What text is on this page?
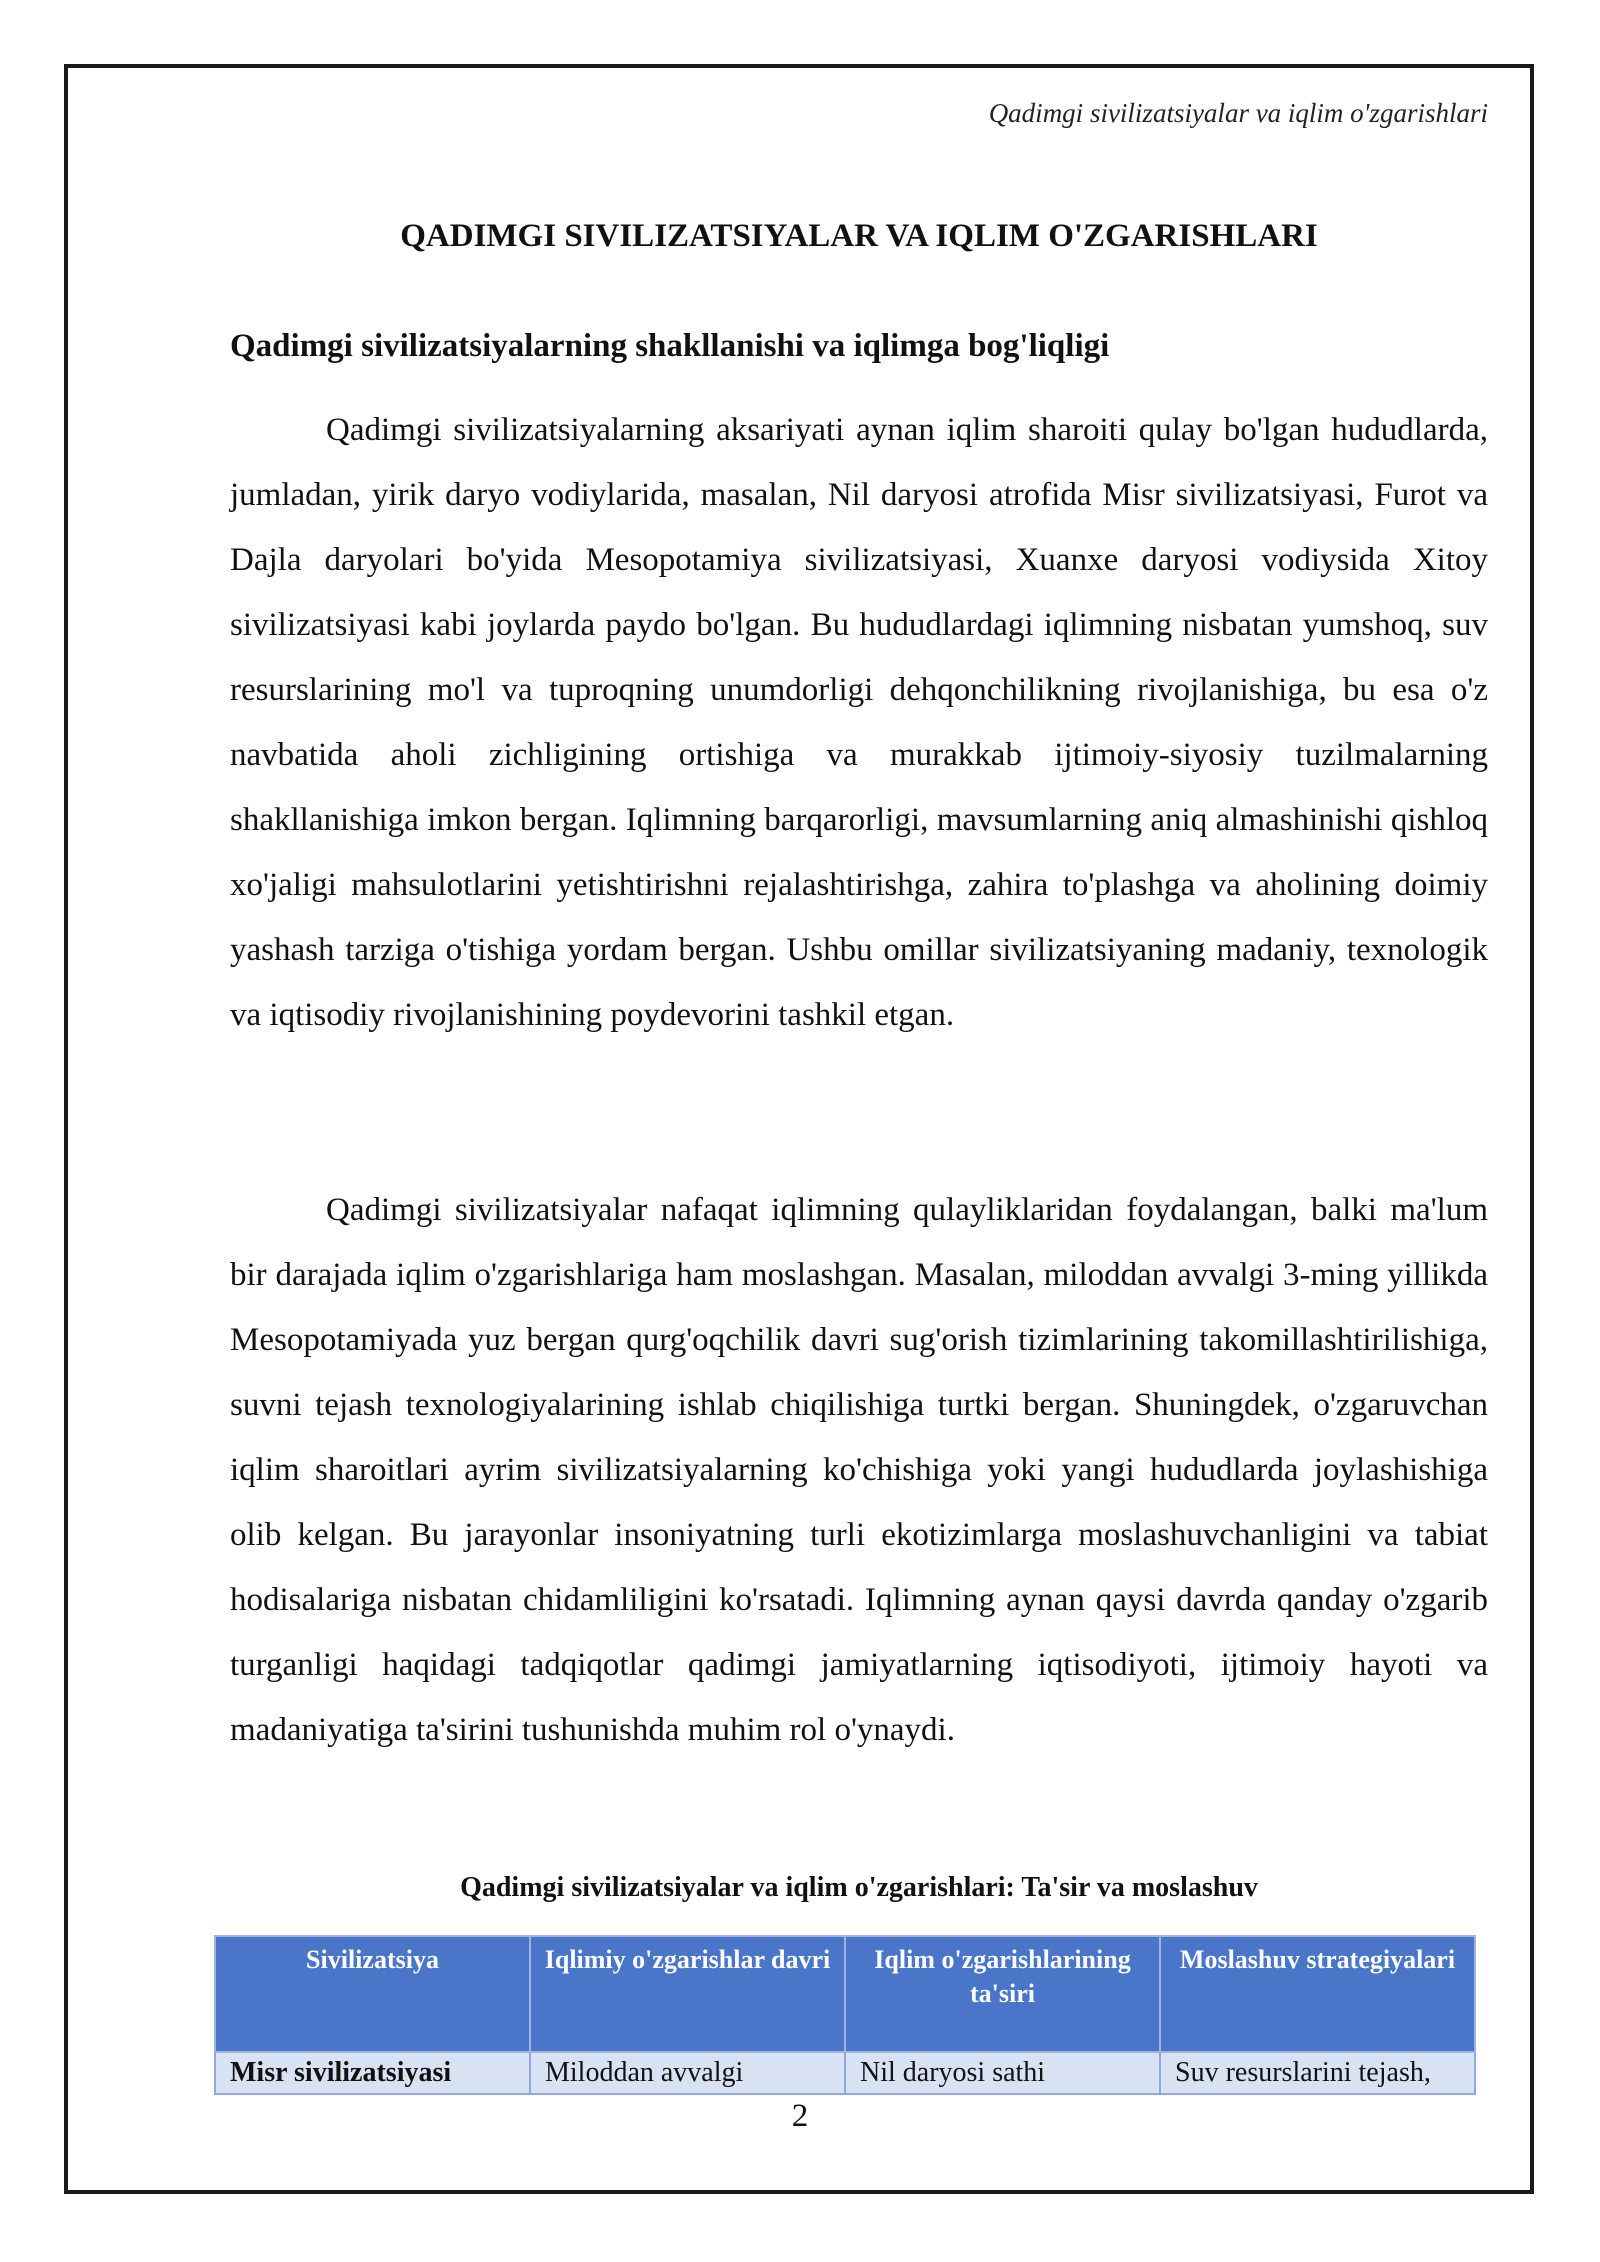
Qadimgi sivilizatsiyalar va iqlim o'zgarishlari
QADIMGI SIVILIZATSIYALAR VA IQLIM O'ZGARISHLARI
Qadimgi sivilizatsiyalarning shakllanishi va iqlimga bog'liqligi

Qadimgi sivilizatsiyalarning aksariyati aynan iqlim sharoiti qulay bo'lgan hududlarda, jumladan, yirik daryo vodiylarida, masalan, Nil daryosi atrofida Misr sivilizatsiyasi, Furot va Dajla daryolari bo'yida Mesopotamiya sivilizatsiyasi, Xuanxe daryosi vodiysida Xitoy sivilizatsiyasi kabi joylarda paydo bo'lgan. Bu hududlardagi iqlimning nisbatan yumshoq, suv resurslarining mo'l va tuproqning unumdorligi dehqonchilikning rivojlanishiga, bu esa o'z navbatida aholi zichligining ortishiga va murakkab ijtimoiy-siyosiy tuzilmalarning shakllanishiga imkon bergan. Iqlimning barqarorligi, mavsumlarning aniq almashinishi qishloq xo'jaligi mahsulotlarini yetishtirishni rejalashtirishga, zahira to'plashga va aholining doimiy yashash tarziga o'tishiga yordam bergan. Ushbu omillar sivilizatsiyaning madaniy, texnologik va iqtisodiy rivojlanishining poydevorini tashkil etgan.

Qadimgi sivilizatsiyalar nafaqat iqlimning qulayliklaridan foydalangan, balki ma'lum bir darajada iqlim o'zgarishlariga ham moslashgan. Masalan, miloddan avvalgi 3-ming yillikda Mesopotamiyada yuz bergan qurg'oqchilik davri sug'orish tizimlarining takomillashtirilishiga, suvni tejash texnologiyalarining ishlab chiqilishiga turtki bergan. Shuningdek, o'zgaruvchan iqlim sharoitlari ayrim sivilizatsiyalarning ko'chishiga yoki yangi hududlarda joylashishiga olib kelgan. Bu jarayonlar insoniyatning turli ekotizimlarga moslashuvchanligini va tabiat hodisalariga nisbatan chidamliligini ko'rsatadi. Iqlimning aynan qaysi davrda qanday o'zgarib turganligi haqidagi tadqiqotlar qadimgi jamiyatlarning iqtisodiyoti, ijtimoiy hayoti va madaniyatiga ta'sirini tushunishda muhim rol o'ynaydi.

Qadimgi sivilizatsiyalar va iqlim o'zgarishlari: Ta'sir va moslashuv
Sivilizatsiya	Iqlimiy o'zgarishlar davri	Iqlim o'zgarishlarining ta'siri	Moslashuv strategiyalari
Misr sivilizatsiyasi	Miloddan avvalgi	Nil daryosi sathi	Suv resurslarini tejash,
2
